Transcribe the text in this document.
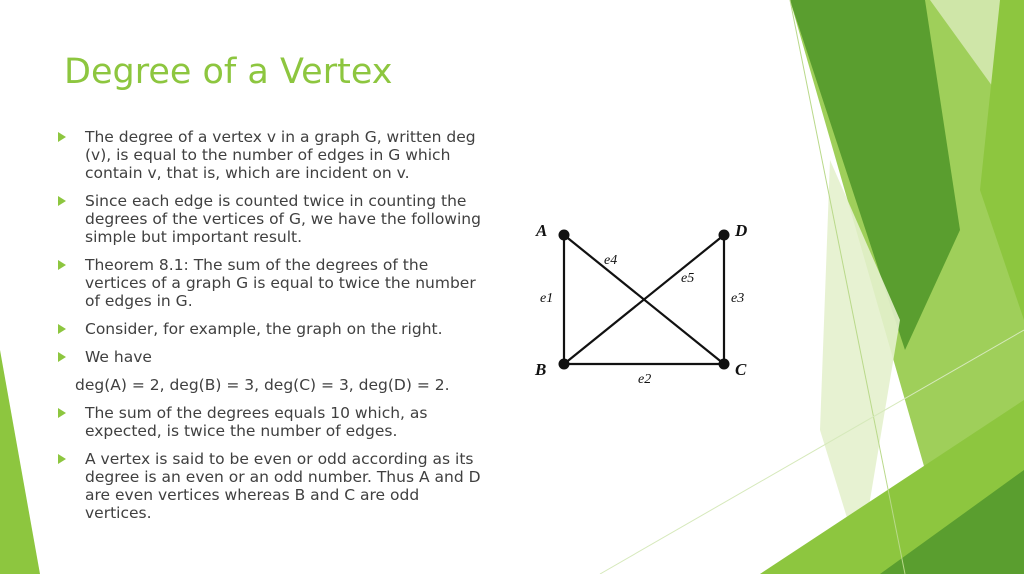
Degree of a Vertex
The degree of a vertex v in a graph G, written deg (v), is equal to the number of edges in G which contain v, that is, which are incident on v.
Since each edge is counted twice in counting the degrees of the vertices of G, we have the following simple but important result.
Theorem 8.1: The sum of the degrees of the vertices of a graph G is equal to twice the number of edges in G.
Consider, for example, the graph on the right.
We have
deg(A) = 2, deg(B) = 3, deg(C) = 3, deg(D) = 2.
The sum of the degrees equals 10 which, as expected, is twice the number of edges.
A vertex is said to be even or odd according as its degree is an even or an odd number. Thus A and D are even vertices whereas B and C are odd vertices.
A
B	C
D
e1
e2
e3
e4
e5
